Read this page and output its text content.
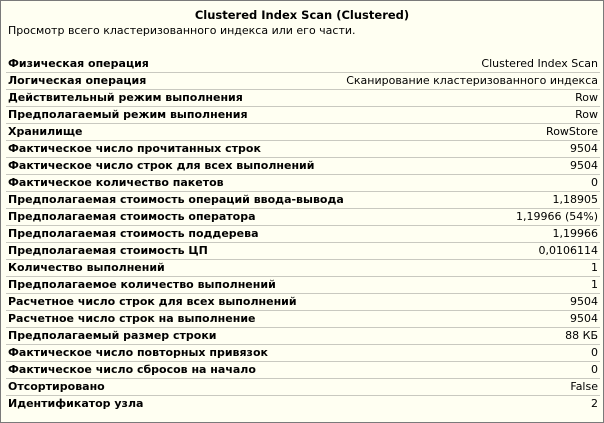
Clustered Index Scan (Clustered)
Просмотр всего кластеризованного индекса или его части.
Физическая операция	Clustered Index Scan
Логическая операция	Сканирование кластеризованного индекса
Действительный режим выполнения	Row
Предполагаемый режим выполнения	Row
Хранилище	RowStore
Фактическое число прочитанных строк	9504
Фактическое число строк для всех выполнений	9504
Фактическое количество пакетов	0
Предполагаемая стоимость операций ввода-вывода	1,18905
Предполагаемая стоимость оператора	1,19966 (54%)
Предполагаемая стоимость поддерева	1,19966
Предполагаемая стоимость ЦП	0,0106114
Количество выполнений	1
Предполагаемое количество выполнений	1
Расчетное число строк для всех выполнений	9504
Расчетное число строк на выполнение	9504
Предполагаемый размер строки	88 КБ
Фактическое число повторных привязок	0
Фактическое число сбросов на начало	0
Отсортировано	False
Идентификатор узла	2
